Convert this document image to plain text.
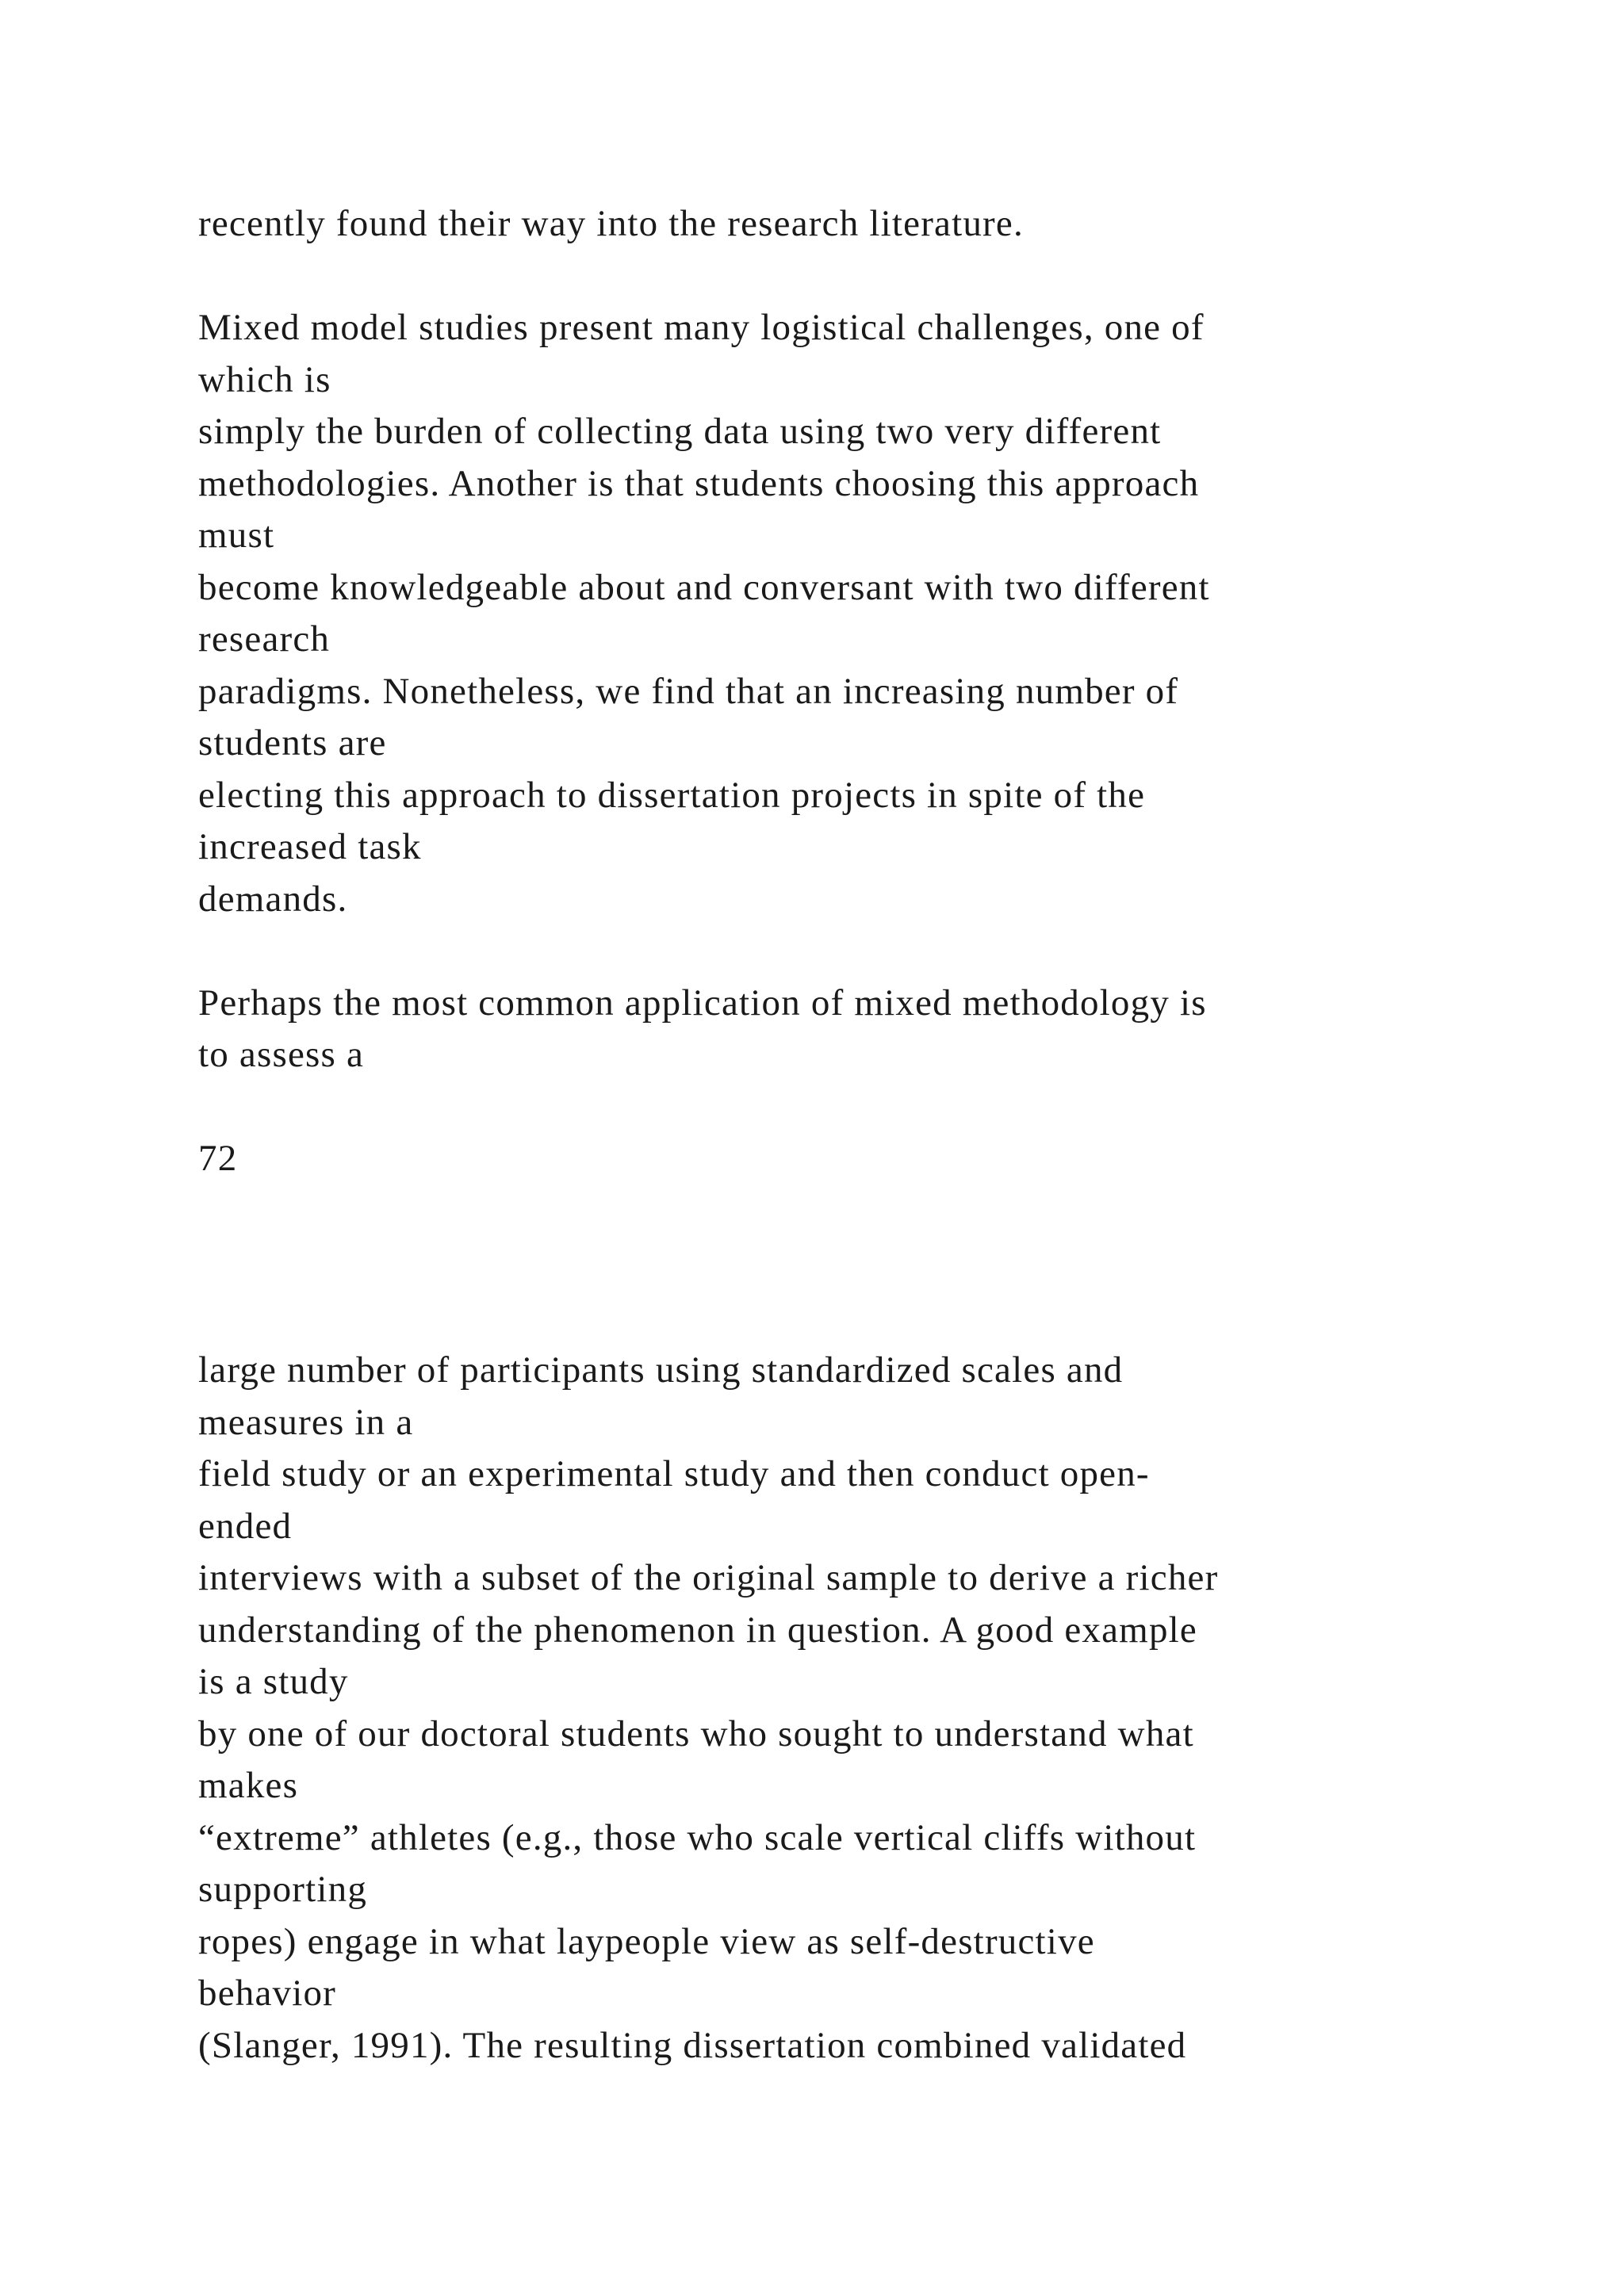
recently found their way into the research literature.
Mixed model studies present many logistical challenges, one of
which is
simply the burden of collecting data using two very different
methodologies. Another is that students choosing this approach
must
become knowledgeable about and conversant with two different
research
paradigms. Nonetheless, we find that an increasing number of
students are
electing this approach to dissertation projects in spite of the
increased task
demands.
Perhaps the most common application of mixed methodology is
to assess a
72
large number of participants using standardized scales and
measures in a
field study or an experimental study and then conduct open-
ended
interviews with a subset of the original sample to derive a richer
understanding of the phenomenon in question. A good example
is a study
by one of our doctoral students who sought to understand what
makes
“extreme” athletes (e.g., those who scale vertical cliffs without
supporting
ropes) engage in what laypeople view as self-destructive
behavior
(Slanger, 1991). The resulting dissertation combined validated
